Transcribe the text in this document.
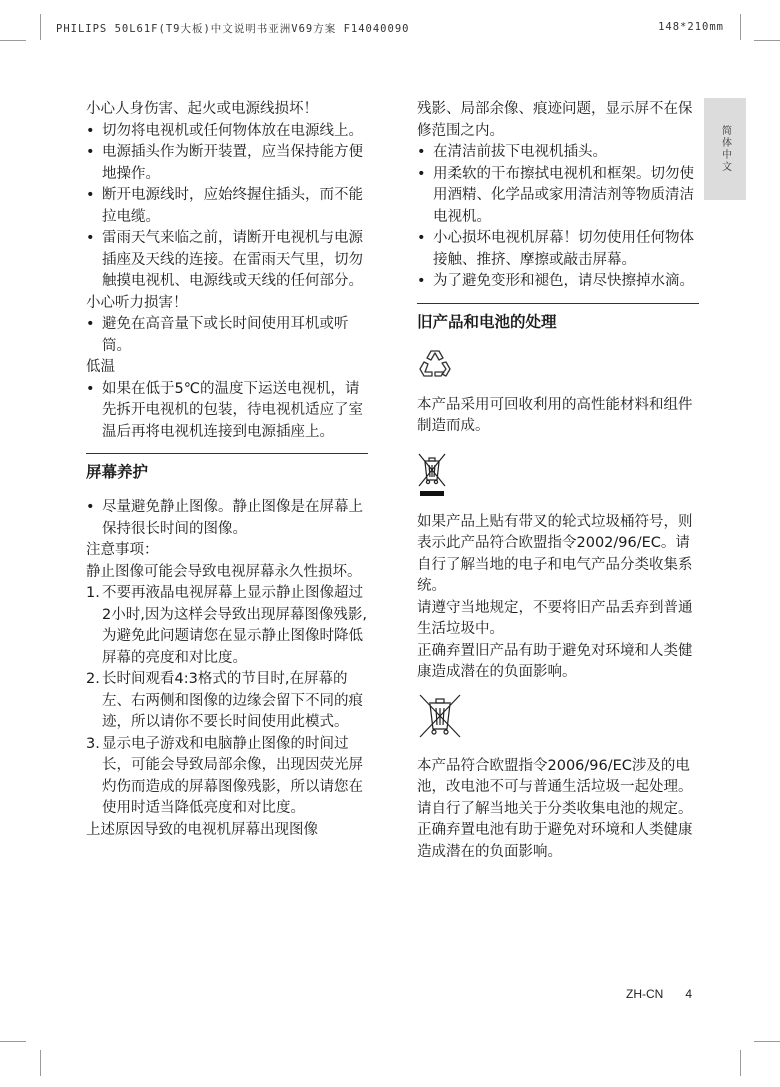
PHILIPS 50L61F(T9大板)中文说明书亚洲V69方案 F14040090	148*210mm
简体中文

小心人身伤害、起火或电源线损坏！

• 切勿将电视机或任何物体放在电源线上。
• 电源插头作为断开装置，应当保持能方便地操作。
• 断开电源线时，应始终握住插头，而不能拉电缆。
• 雷雨天气来临之前，请断开电视机与电源插座及天线的连接。在雷雨天气里，切勿触摸电视机、电源线或天线的任何部分。

小心听力损害！

• 避免在高音量下或长时间使用耳机或听筒。

低温

• 如果在低于5℃的温度下运送电视机，请先拆开电视机的包装，待电视机适应了室温后再将电视机连接到电源插座上。

屏幕养护

• 尽量避免静止图像。静止图像是在屏幕上保持很长时间的图像。

注意事项：

静止图像可能会导致电视屏幕永久性损坏。

1. 不要再液晶电视屏幕上显示静止图像超过2小时,因为这样会导致出现屏幕图像残影,为避免此问题请您在显示静止图像时降低屏幕的亮度和对比度。
2. 长时间观看4:3格式的节目时,在屏幕的左、右两侧和图像的边缘会留下不同的痕迹，所以请你不要长时间使用此模式。
3. 显示电子游戏和电脑静止图像的时间过长，可能会导致局部余像，出现因荧光屏灼伤而造成的屏幕图像残影，所以请您在使用时适当降低亮度和对比度。

上述原因导致的电视机屏幕出现图像

残影、局部余像、痕迹问题，显示屏不在保修范围之内。

• 在清洁前拔下电视机插头。
• 用柔软的干布擦拭电视机和框架。切勿使用酒精、化学品或家用清洁剂等物质清洁电视机。
• 小心损坏电视机屏幕！切勿使用任何物体接触、推挤、摩擦或敲击屏幕。
• 为了避免变形和褪色，请尽快擦掉水滴。

旧产品和电池的处理

本产品采用可回收利用的高性能材料和组件制造而成。

如果产品上贴有带叉的轮式垃圾桶符号，则表示此产品符合欧盟指令2002/96/EC。请自行了解当地的电子和电气产品分类收集系统。

请遵守当地规定，不要将旧产品丢弃到普通生活垃圾中。

正确弃置旧产品有助于避免对环境和人类健康造成潜在的负面影响。

本产品符合欧盟指令2006/96/EC涉及的电池，改电池不可与普通生活垃圾一起处理。

请自行了解当地关于分类收集电池的规定。正确弃置电池有助于避免对环境和人类健康造成潜在的负面影响。

ZH-CN 4
